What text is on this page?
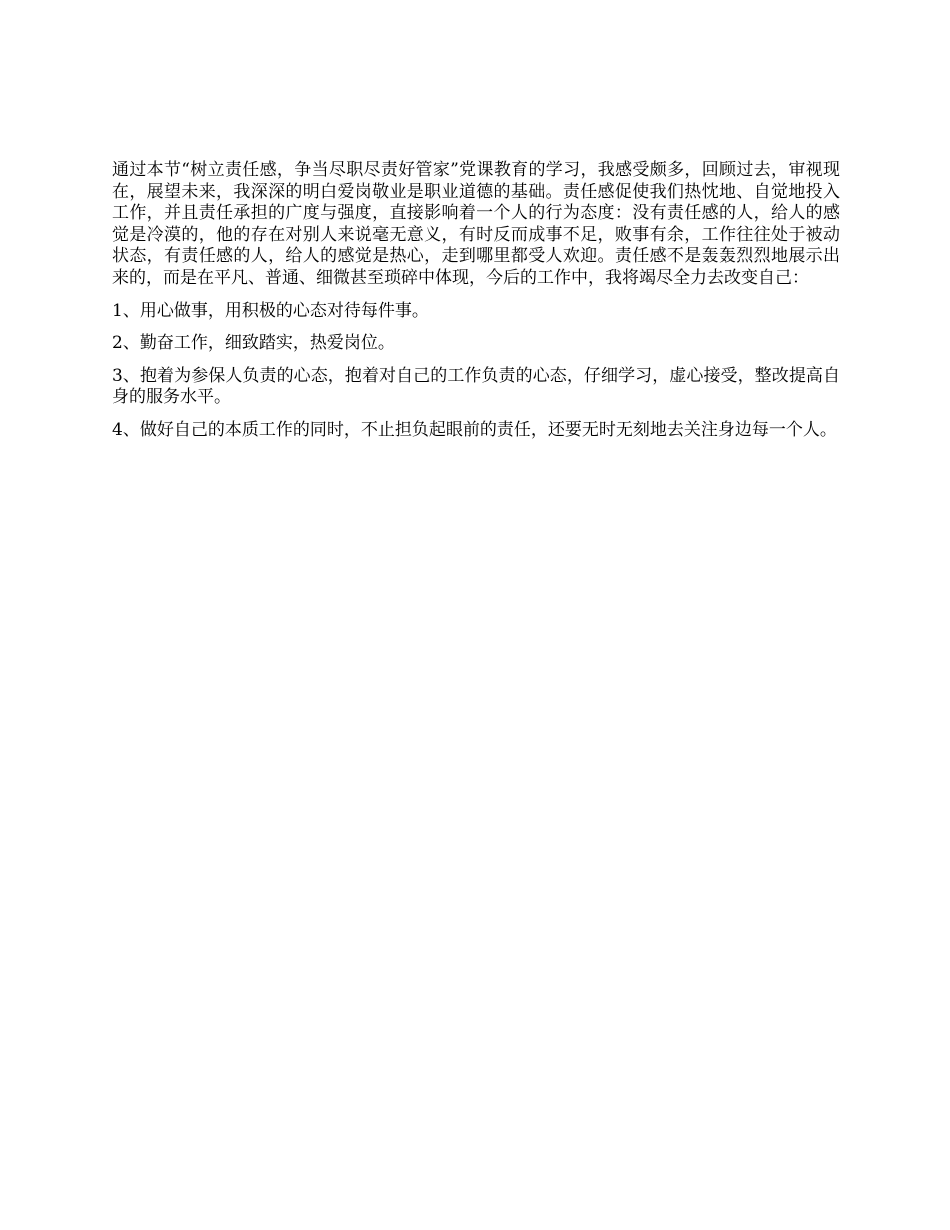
通过本节“树立责任感，争当尽职尽责好管家”党课教育的学习，我感受颇多，回顾过去，审视现在，展望未来，我深深的明白爱岗敬业是职业道德的基础。责任感促使我们热忱地、自觉地投入工作，并且责任承担的广度与强度，直接影响着一个人的行为态度：没有责任感的人，给人的感觉是冷漠的，他的存在对别人来说毫无意义，有时反而成事不足，败事有余，工作往往处于被动状态，有责任感的人，给人的感觉是热心，走到哪里都受人欢迎。责任感不是轰轰烈烈地展示出来的，而是在平凡、普通、细微甚至琐碎中体现，今后的工作中，我将竭尽全力去改变自己：

1、用心做事，用积极的心态对待每件事。

2、勤奋工作，细致踏实，热爱岗位。

3、抱着为参保人负责的心态，抱着对自己的工作负责的心态，仔细学习，虚心接受，整改提高自身的服务水平。

4、做好自己的本质工作的同时，不止担负起眼前的责任，还要无时无刻地去关注身边每一个人。
